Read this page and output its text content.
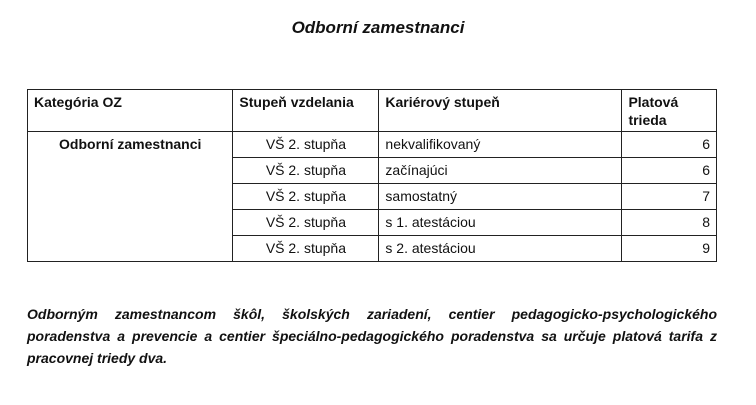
Odborní zamestnanci
Kategória OZ	Stupeň vzdelania	Kariérový stupeň	Platová trieda
Odborní zamestnanci	VŠ 2. stupňa	nekvalifikovaný	6
	VŠ 2. stupňa	začínajúci	6
	VŠ 2. stupňa	samostatný	7
	VŠ 2. stupňa	s 1. atestáciou	8
	VŠ 2. stupňa	s 2. atestáciou	9
Odborným zamestnancom škôl, školských zariadení, centier pedagogicko-psychologického poradenstva a prevencie a centier špeciálno-pedagogického poradenstva sa určuje platová tarifa z pracovnej triedy dva.
